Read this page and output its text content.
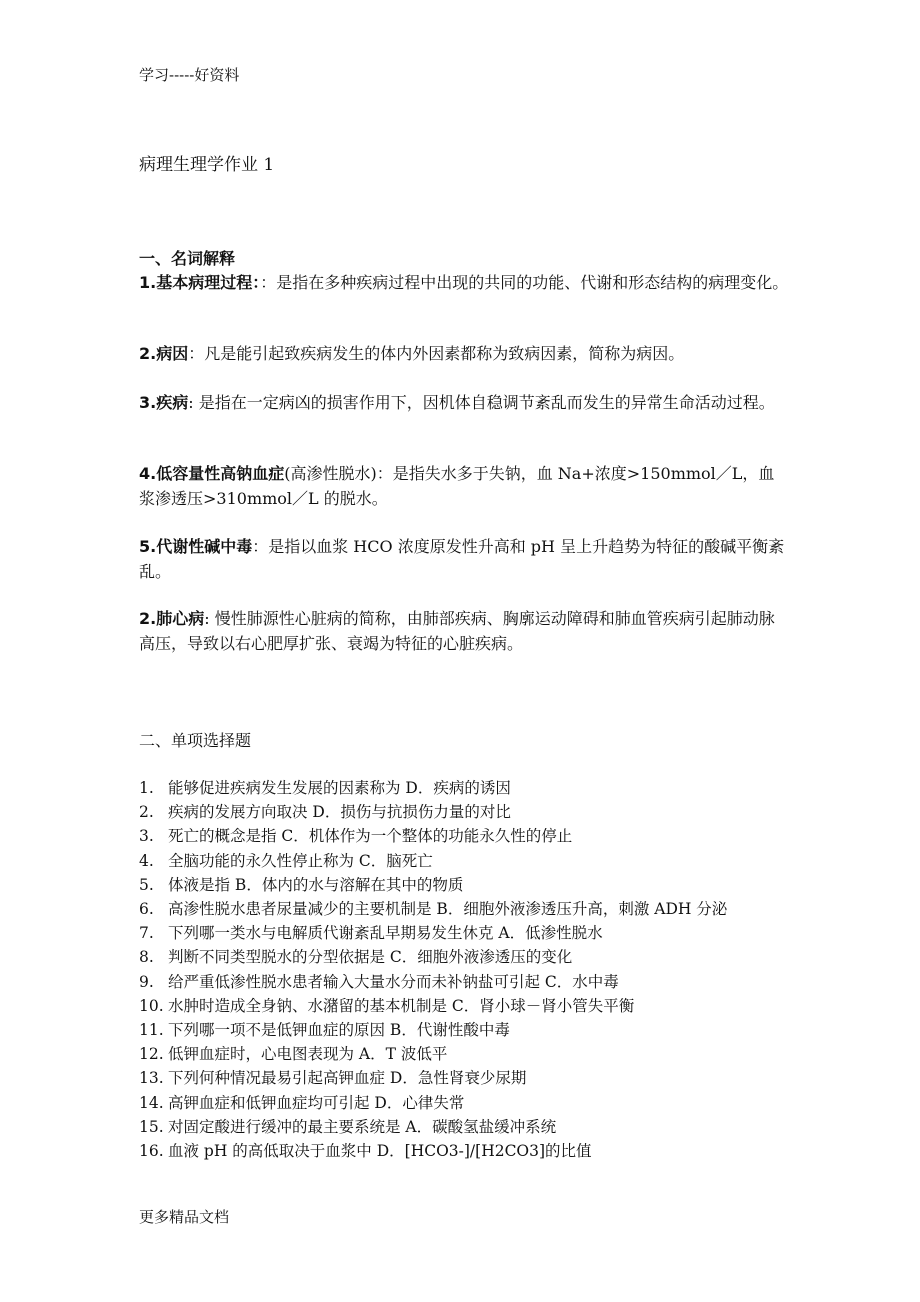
学习-----好资料
病理生理学作业 1
一、名词解释
1.基本病理过程：：是指在多种疾病过程中出现的共同的功能、代谢和形态结构的病理变化。
2.病因：凡是能引起致疾病发生的体内外因素都称为致病因素，简称为病因。
3.疾病: 是指在一定病凶的损害作用下，因机体自稳调节紊乱而发生的异常生命活动过程。
4.低容量性高钠血症(高渗性脱水)：是指失水多于失钠，血 Na+浓度>150mmol／L，血浆渗透压>310mmol／L 的脱水。
5.代谢性碱中毒：是指以血浆 HCO 浓度原发性升高和 pH 呈上升趋势为特征的酸碱平衡紊乱。
2.肺心病: 慢性肺源性心脏病的简称，由肺部疾病、胸廓运动障碍和肺血管疾病引起肺动脉高压，导致以右心肥厚扩张、衰竭为特征的心脏疾病。
二、单项选择题
1. 能够促进疾病发生发展的因素称为 D．疾病的诱因
2. 疾病的发展方向取决 D．损伤与抗损伤力量的对比
3. 死亡的概念是指 C．机体作为一个整体的功能永久性的停止
4. 全脑功能的永久性停止称为 C．脑死亡
5. 体液是指 B．体内的水与溶解在其中的物质
6. 高渗性脱水患者尿量减少的主要机制是 B．细胞外液渗透压升高，刺激 ADH 分泌
7. 下列哪一类水与电解质代谢紊乱早期易发生休克 A．低渗性脱水
8. 判断不同类型脱水的分型依据是 C．细胞外液渗透压的变化
9. 给严重低渗性脱水患者输入大量水分而未补钠盐可引起 C．水中毒
10. 水肿时造成全身钠、水潴留的基本机制是 C．肾小球－肾小管失平衡
11. 下列哪一项不是低钾血症的原因 B．代谢性酸中毒
12. 低钾血症时，心电图表现为 A．T 波低平
13. 下列何种情况最易引起高钾血症 D．急性肾衰少尿期
14. 高钾血症和低钾血症均可引起 D．心律失常
15. 对固定酸进行缓冲的最主要系统是 A．碳酸氢盐缓冲系统
16. 血液 pH 的高低取决于血浆中 D．[HCO3-]/[H2CO3]的比值
更多精品文档
